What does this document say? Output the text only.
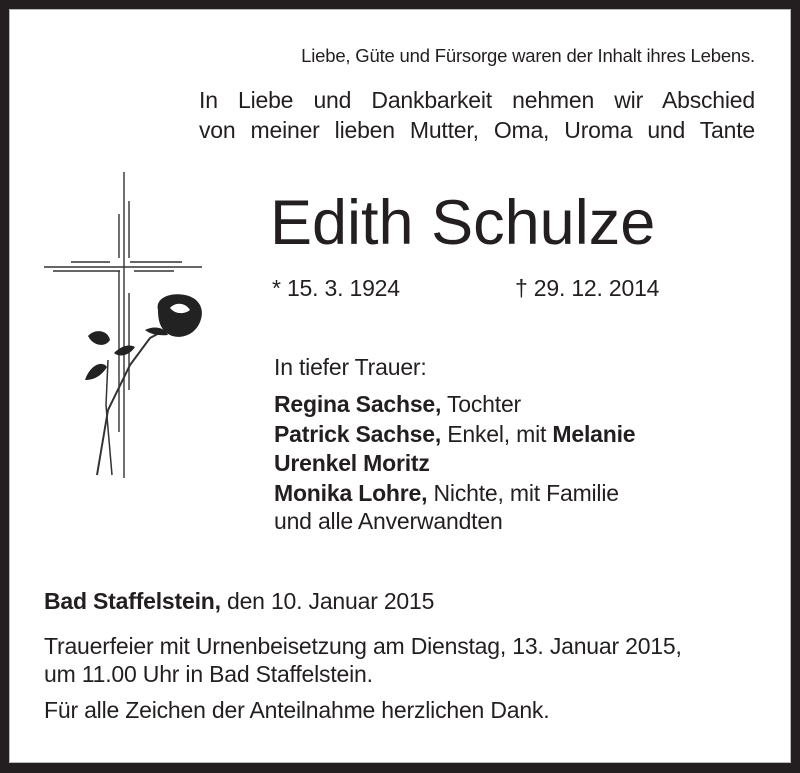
Liebe, Güte und Fürsorge waren der Inhalt ihres Lebens.
In Liebe und Dankbarkeit nehmen wir Abschied
von meiner lieben Mutter, Oma, Uroma und Tante
Edith Schulze
* 15. 3. 1924	† 29. 12. 2014
In tiefer Trauer:
Regina Sachse, Tochter
Patrick Sachse, Enkel, mit Melanie
Urenkel Moritz
Monika Lohre, Nichte, mit Familie
und alle Anverwandten
Bad Staffelstein, den 10. Januar 2015
Trauerfeier mit Urnenbeisetzung am Dienstag, 13. Januar 2015,
um 11.00 Uhr in Bad Staffelstein.
Für alle Zeichen der Anteilnahme herzlichen Dank.
